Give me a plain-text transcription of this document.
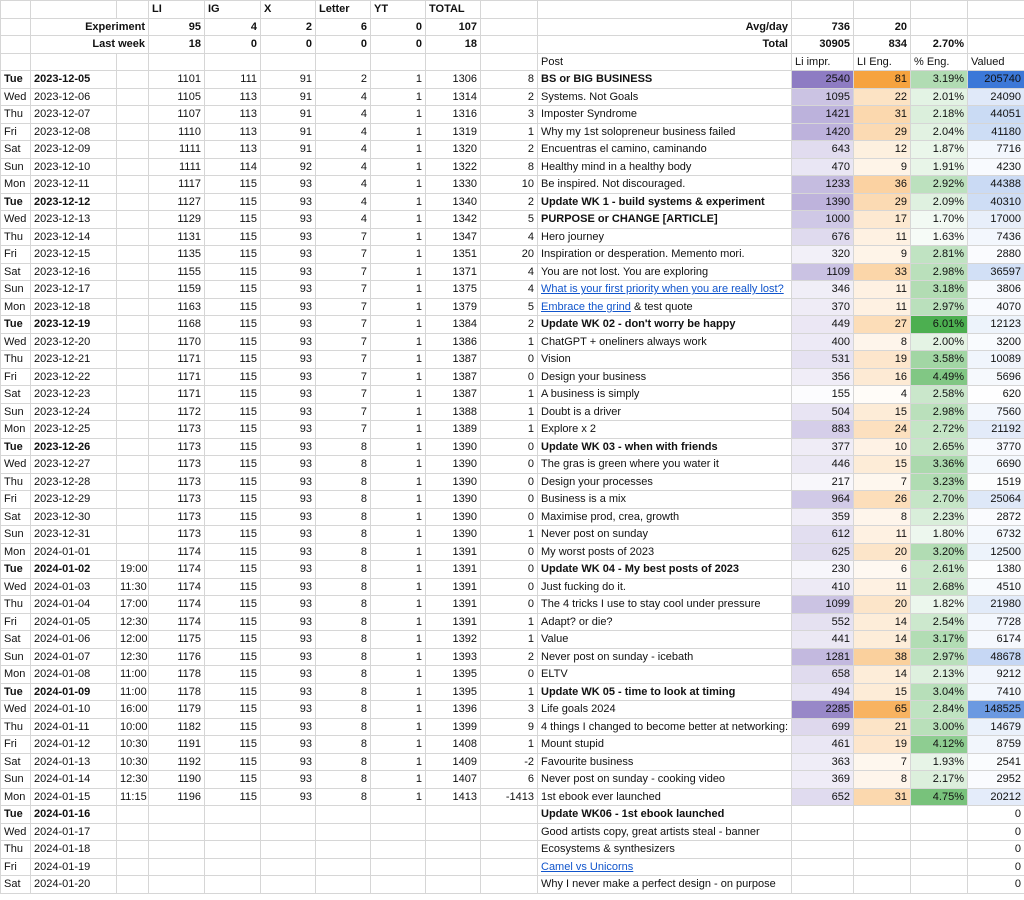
			LI	IG	X	Letter	YT	TOTAL						
	Experiment		95	4	2	6	0	107		Avg/day	736	20		
	Last week		18	0	0	0	0	18		Total	30905	834	2.70%	
										Post	Li impr.	LI Eng.	% Eng.	Valued
Tue	2023-12-05		1101	111	91	2	1	1306	8	BS or BIG BUSINESS	2540	81	3.19%	205740
Wed	2023-12-06		1105	113	91	4	1	1314	2	Systems. Not Goals	1095	22	2.01%	24090
Thu	2023-12-07		1107	113	91	4	1	1316	3	Imposter Syndrome	1421	31	2.18%	44051
Fri	2023-12-08		1110	113	91	4	1	1319	1	Why my 1st solopreneur business failed	1420	29	2.04%	41180
Sat	2023-12-09		1111	113	91	4	1	1320	2	Encuentras el camino, caminando	643	12	1.87%	7716
Sun	2023-12-10		1111	114	92	4	1	1322	8	Healthy mind in a healthy body	470	9	1.91%	4230
Mon	2023-12-11		1117	115	93	4	1	1330	10	Be inspired. Not discouraged.	1233	36	2.92%	44388
Tue	2023-12-12		1127	115	93	4	1	1340	2	Update WK 1 - build systems & experiment	1390	29	2.09%	40310
Wed	2023-12-13		1129	115	93	4	1	1342	5	PURPOSE or CHANGE [ARTICLE]	1000	17	1.70%	17000
Thu	2023-12-14		1131	115	93	7	1	1347	4	Hero journey	676	11	1.63%	7436
Fri	2023-12-15		1135	115	93	7	1	1351	20	Inspiration or desperation. Memento mori.	320	9	2.81%	2880
Sat	2023-12-16		1155	115	93	7	1	1371	4	You are not lost. You are exploring	1109	33	2.98%	36597
Sun	2023-12-17		1159	115	93	7	1	1375	4	What is your first priority when you are really lost?	346	11	3.18%	3806
Mon	2023-12-18		1163	115	93	7	1	1379	5	Embrace the grind & test quote	370	11	2.97%	4070
Tue	2023-12-19		1168	115	93	7	1	1384	2	Update WK 02 - don't worry be happy	449	27	6.01%	12123
Wed	2023-12-20		1170	115	93	7	1	1386	1	ChatGPT + oneliners always work	400	8	2.00%	3200
Thu	2023-12-21		1171	115	93	7	1	1387	0	Vision	531	19	3.58%	10089
Fri	2023-12-22		1171	115	93	7	1	1387	0	Design your business	356	16	4.49%	5696
Sat	2023-12-23		1171	115	93	7	1	1387	1	A business is simply	155	4	2.58%	620
Sun	2023-12-24		1172	115	93	7	1	1388	1	Doubt is a driver	504	15	2.98%	7560
Mon	2023-12-25		1173	115	93	7	1	1389	1	Explore x 2	883	24	2.72%	21192
Tue	2023-12-26		1173	115	93	8	1	1390	0	Update WK 03 - when with friends	377	10	2.65%	3770
Wed	2023-12-27		1173	115	93	8	1	1390	0	The gras is green where you water it	446	15	3.36%	6690
Thu	2023-12-28		1173	115	93	8	1	1390	0	Design your processes	217	7	3.23%	1519
Fri	2023-12-29		1173	115	93	8	1	1390	0	Business is a mix	964	26	2.70%	25064
Sat	2023-12-30		1173	115	93	8	1	1390	0	Maximise prod, crea, growth	359	8	2.23%	2872
Sun	2023-12-31		1173	115	93	8	1	1390	1	Never post on sunday	612	11	1.80%	6732
Mon	2024-01-01		1174	115	93	8	1	1391	0	My worst posts of 2023	625	20	3.20%	12500
Tue	2024-01-02	19:00	1174	115	93	8	1	1391	0	Update WK 04 - My best posts of 2023	230	6	2.61%	1380
Wed	2024-01-03	11:30	1174	115	93	8	1	1391	0	Just fucking do it.	410	11	2.68%	4510
Thu	2024-01-04	17:00	1174	115	93	8	1	1391	0	The 4 tricks I use to stay cool under pressure	1099	20	1.82%	21980
Fri	2024-01-05	12:30	1174	115	93	8	1	1391	1	Adapt? or die?	552	14	2.54%	7728
Sat	2024-01-06	12:00	1175	115	93	8	1	1392	1	Value	441	14	3.17%	6174
Sun	2024-01-07	12:30	1176	115	93	8	1	1393	2	Never post on sunday - icebath	1281	38	2.97%	48678
Mon	2024-01-08	11:00	1178	115	93	8	1	1395	0	ELTV	658	14	2.13%	9212
Tue	2024-01-09	11:00	1178	115	93	8	1	1395	1	Update WK 05 - time to look at timing	494	15	3.04%	7410
Wed	2024-01-10	16:00	1179	115	93	8	1	1396	3	Life goals 2024	2285	65	2.84%	148525
Thu	2024-01-11	10:00	1182	115	93	8	1	1399	9	4 things I changed to become better at networking:	699	21	3.00%	14679
Fri	2024-01-12	10:30	1191	115	93	8	1	1408	1	Mount stupid	461	19	4.12%	8759
Sat	2024-01-13	10:30	1192	115	93	8	1	1409	-2	Favourite business	363	7	1.93%	2541
Sun	2024-01-14	12:30	1190	115	93	8	1	1407	6	Never post on sunday - cooking video	369	8	2.17%	2952
Mon	2024-01-15	11:15	1196	115	93	8	1	1413	-1413	1st ebook ever launched	652	31	4.75%	20212
Tue	2024-01-16									Update WK06 - 1st ebook launched				0
Wed	2024-01-17									Good artists copy, great artists steal - banner				0
Thu	2024-01-18									Ecosystems & synthesizers				0
Fri	2024-01-19									Camel vs Unicorns				0
Sat	2024-01-20									Why I never make a perfect design - on purpose				0
